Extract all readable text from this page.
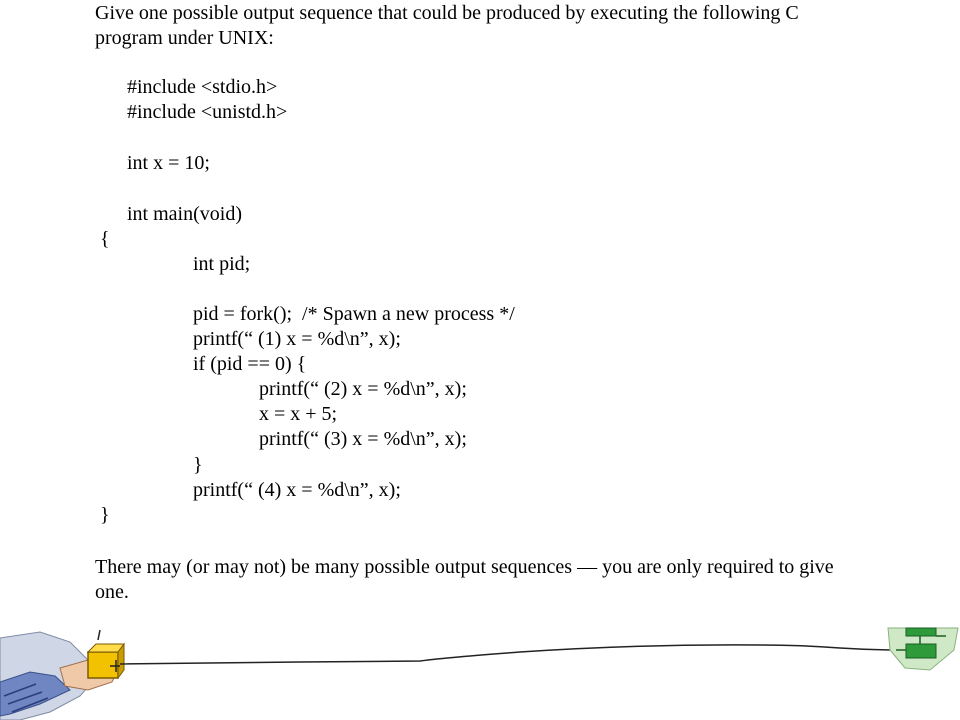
Give one possible output sequence that could be produced by executing the following C

program under UNIX:

#include <stdio.h>

#include <unistd.h>

int x = 10;

int main(void)

{

int pid;

pid = fork();  /* Spawn a new process */

printf(“ (1) x = %d\n”, x);

if (pid == 0) {

printf(“ (2) x = %d\n”, x);

x = x + 5;

printf(“ (3) x = %d\n”, x);

}

printf(“ (4) x = %d\n”, x);

}

There may (or may not) be many possible output sequences — you are only required to give

one.
